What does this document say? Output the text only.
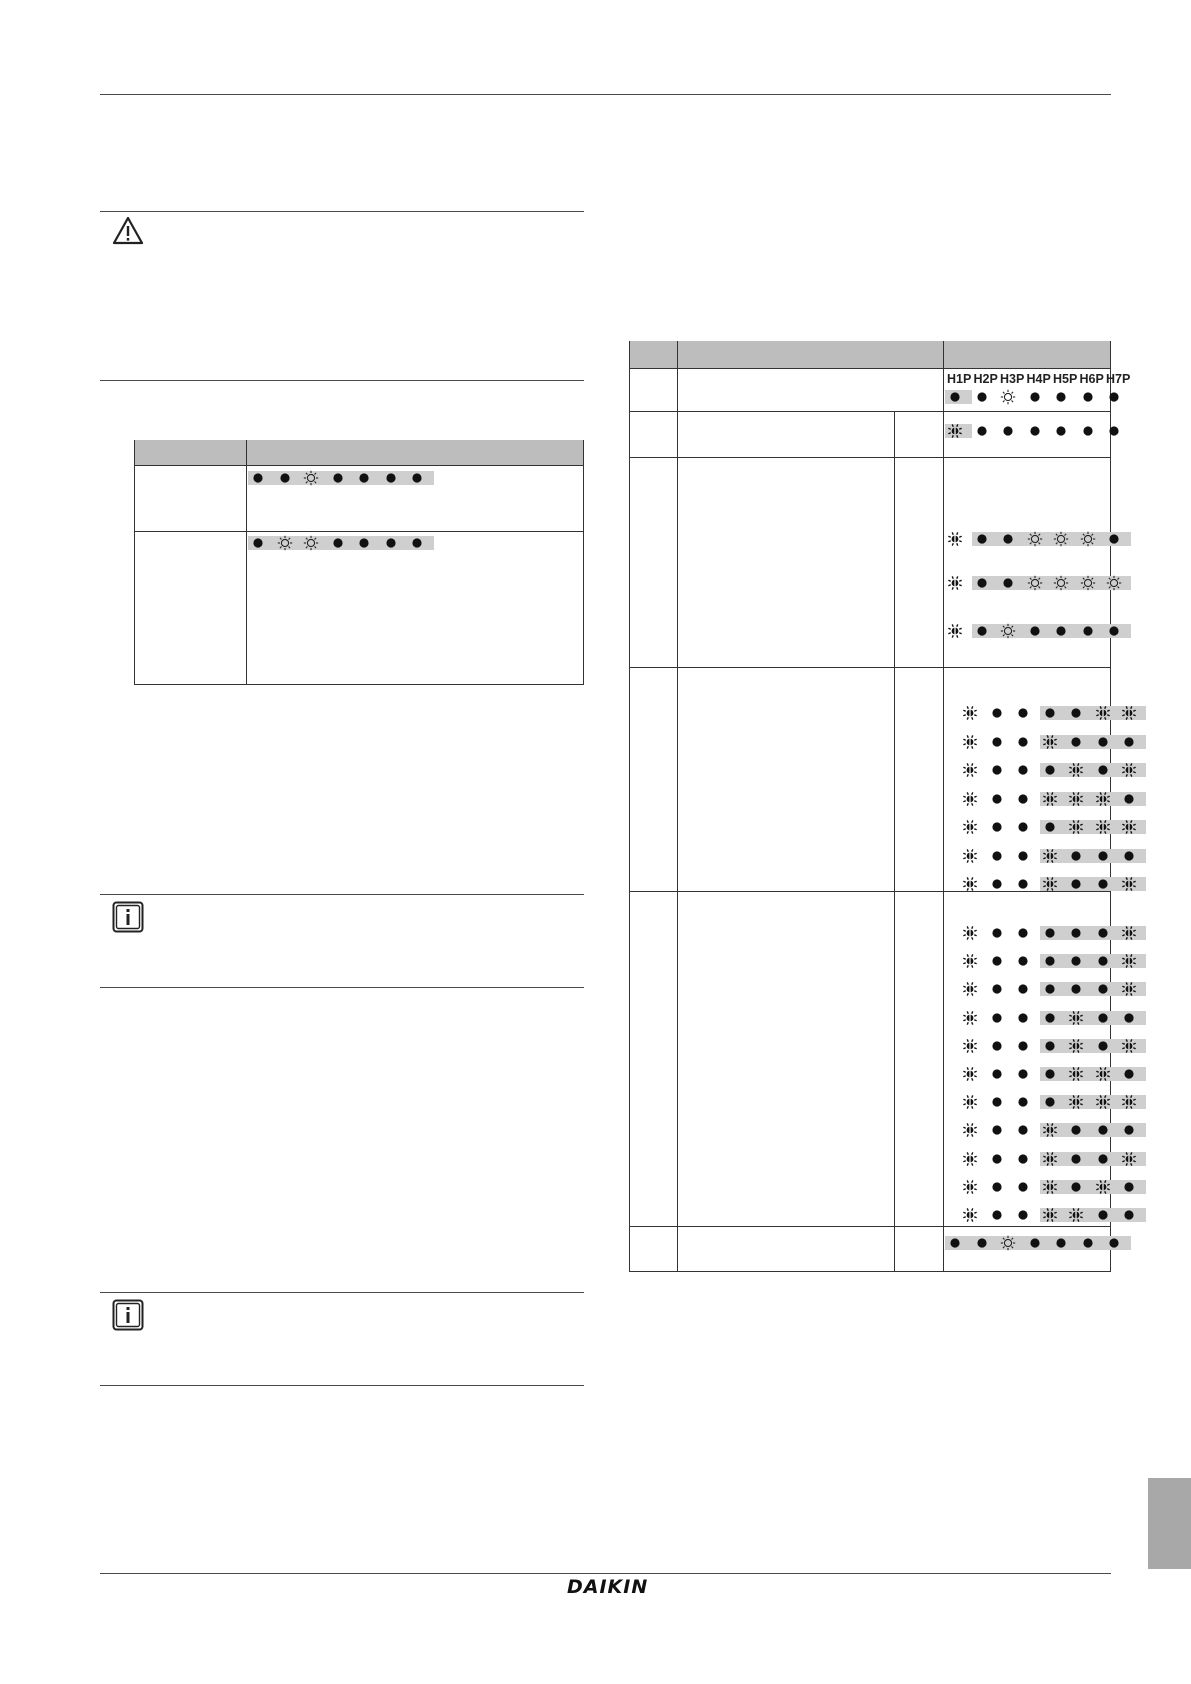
H1P H2P H3P H4P H5P H6P H7P
DAIKIN
